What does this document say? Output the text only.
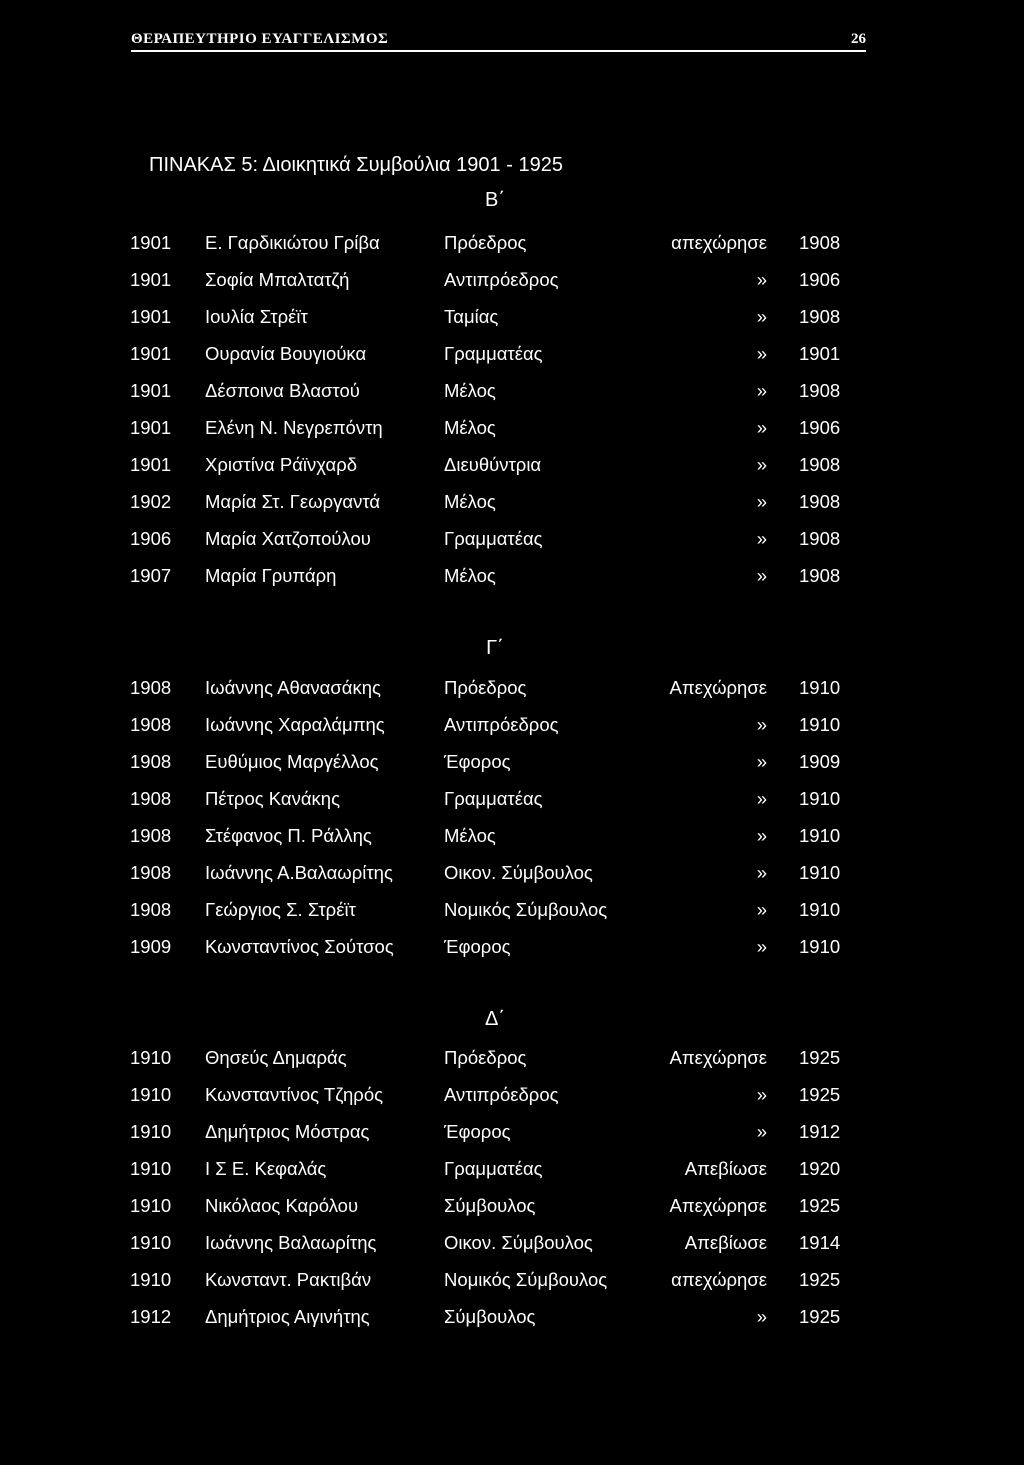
ΘΕΡΑΠΕΥΤΗΡΙΟ ΕΥΑΓΓΕΛΙΣΜΟΣ	26
ΠΙΝΑΚΑΣ 5: Διοικητικά Συμβούλια 1901 - 1925
Β΄
1901 Ε. Γαρδικιώτου Γρίβα	Πρόεδρος	απεχώρησε 1908
1901 Σοφία Μπαλτατζή	Αντιπρόεδρος	» 1906
1901 Ιουλία Στρέϊτ	Ταμίας	» 1908
1901 Ουρανία Βουγιούκα	Γραμματέας	» 1901
1901 Δέσποινα Βλαστού	Μέλος	» 1908
1901 Ελένη Ν. Νεγρεπόντη	Μέλος	» 1906
1901 Χριστίνα Ράϊνχαρδ	Διευθύντρια	» 1908
1902 Μαρία Στ. Γεωργαντά	Μέλος	» 1908
1906 Μαρία Χατζοπούλου	Γραμματέας	» 1908
1907 Μαρία Γρυπάρη	Μέλος	» 1908
Γ΄
1908 Ιωάννης Αθανασάκης	Πρόεδρος	Απεχώρησε 1910
1908 Ιωάννης Χαραλάμπης	Αντιπρόεδρος	» 1910
1908 Ευθύμιος Μαργέλλος	Έφορος	» 1909
1908 Πέτρος Κανάκης	Γραμματέας	» 1910
1908 Στέφανος Π. Ράλλης	Μέλος	» 1910
1908 Ιωάννης Α.Βαλαωρίτης	Οικον. Σύμβουλος	» 1910
1908 Γεώργιος Σ. Στρέϊτ	Νομικός Σύμβουλος	» 1910
1909 Κωνσταντίνος Σούτσος	Έφορος	» 1910
Δ΄
1910 Θησεύς Δημαράς	Πρόεδρος	Απεχώρησε 1925
1910 Κωνσταντίνος Τζηρός	Αντιπρόεδρος	» 1925
1910 Δημήτριος Μόστρας	Έφορος	» 1912
1910 Ι Σ Ε. Κεφαλάς	Γραμματέας	Απεβίωσε 1920
1910 Νικόλαος Καρόλου	Σύμβουλος	Απεχώρησε 1925
1910 Ιωάννης Βαλαωρίτης	Οικον. Σύμβουλος	Απεβίωσε 1914
1910 Κωνσταντ. Ρακτιβάν	Νομικός Σύμβουλος	απεχώρησε 1925
1912 Δημήτριος Αιγινήτης	Σύμβουλος	» 1925
